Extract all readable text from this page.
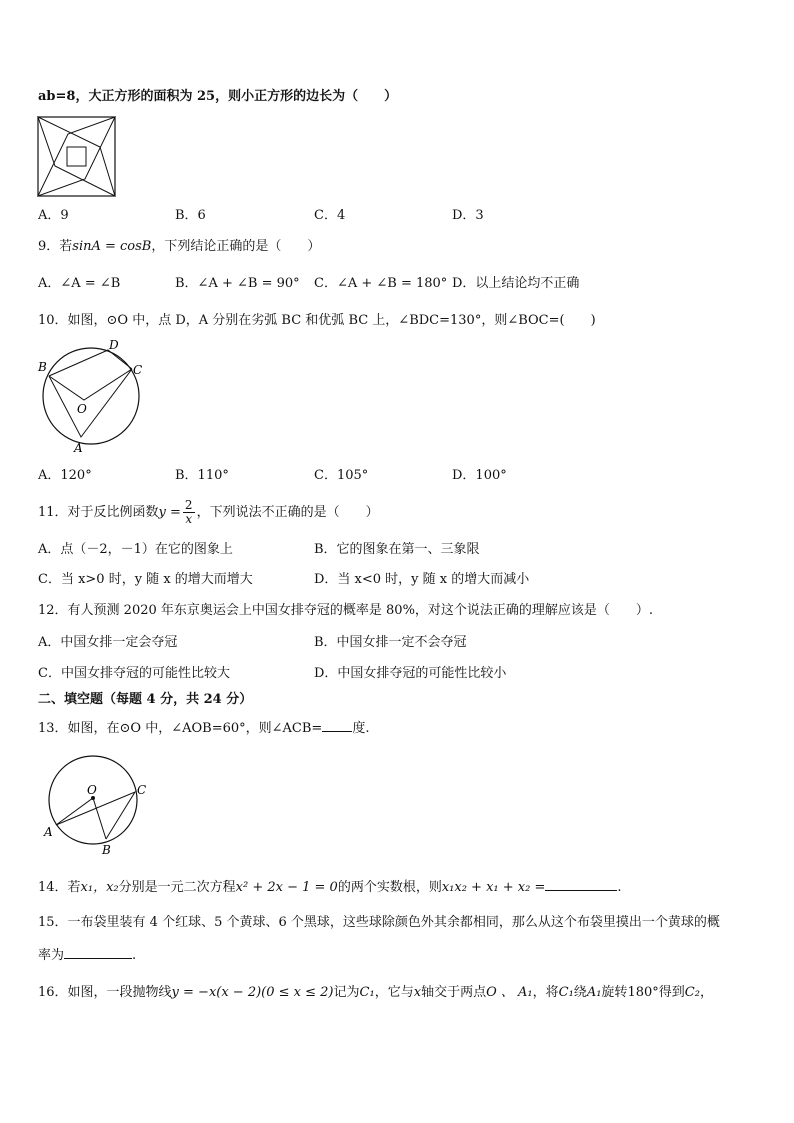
ab=8，大正方形的面积为 25，则小正方形的边长为（　　）
A．9	B．6	C．4	D．3
9．若sinA = cosB，下列结论正确的是（　　）
A．∠A = ∠B	B．∠A + ∠B = 90° C．∠A + ∠B = 180° D．以上结论均不正确
10．如图，⊙O 中，点 D，A 分别在劣弧 BC 和优弧 BC 上，∠BDC=130°，则∠BOC=(　　)
B
D
C
O
A
A．120°	B．110°	C．105°	D．100°
11．对于反比例函数$y = \frac{2}{x}$ ，下列说法不正确的是（　　）
A．点（－2，－1）在它的图象上	B．它的图象在第一、三象限
C．当 x>0 时，y 随 x 的增大而增大	D．当 x<0 时，y 随 x 的增大而减小
12．有人预测 2020 年东京奥运会上中国女排夺冠的概率是 80%，对这个说法正确的理解应该是（　　）.
A．中国女排一定会夺冠	B．中国女排一定不会夺冠
C．中国女排夺冠的可能性比较大	D．中国女排夺冠的可能性比较小
二、填空题（每题 4 分，共 24 分）
13．如图，在⊙O 中，∠AOB=60°，则∠ACB= 度.
O	C
A
B
14．若x₁，x₂分别是一元二次方程x² + 2x − 1 = 0的两个实数根，则x₁x₂ + x₁ + x₂ =	.
15．一布袋里装有 4 个红球、5 个黄球、6 个黑球，这些球除颜色外其余都相同，那么从这个布袋里摸出一个黄球的概
率为	.
16．如图，一段抛物线y = −x(x − 2)(0 ≤ x ≤ 2)记为C₁，它与x轴交于两点O 、 A₁，将C₁绕A₁旋转180°得到C₂，
